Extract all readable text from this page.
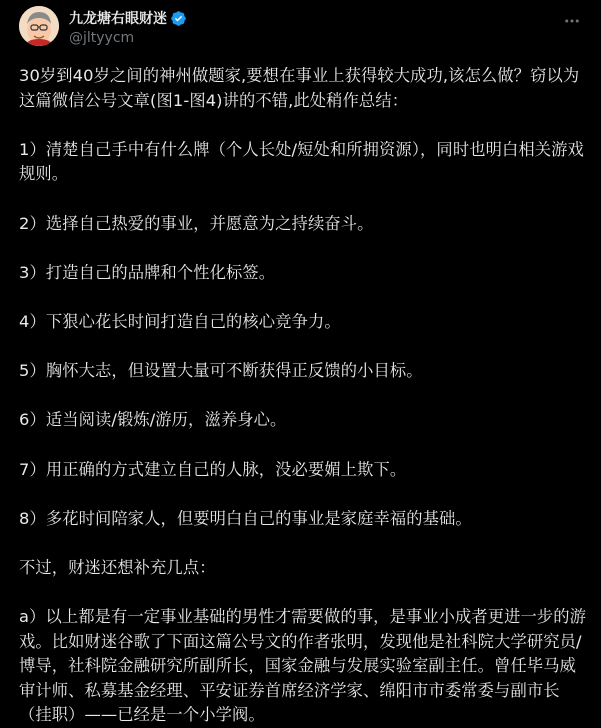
九龙塘右眼财迷
@jltyycm

30岁到40岁之间的神州做题家,要想在事业上获得较大成功,该怎么做？窃以为这篇微信公号文章(图1-图4)讲的不错,此处稍作总结：

1）清楚自己手中有什么牌（个人长处/短处和所拥资源），同时也明白相关游戏规则。

2）选择自己热爱的事业，并愿意为之持续奋斗。

3）打造自己的品牌和个性化标签。

4）下狠心花长时间打造自己的核心竞争力。

5）胸怀大志，但设置大量可不断获得正反馈的小目标。

6）适当阅读/锻炼/游历，滋养身心。

7）用正确的方式建立自己的人脉，没必要媚上欺下。

8）多花时间陪家人，但要明白自己的事业是家庭幸福的基础。

不过，财迷还想补充几点：

a）以上都是有一定事业基础的男性才需要做的事，是事业小成者更进一步的游戏。比如财迷谷歌了下面这篇公号文的作者张明，发现他是社科院大学研究员/博导，社科院金融研究所副所长，国家金融与发展实验室副主任。曾任毕马威审计师、私募基金经理、平安证券首席经济学家、绵阳市市委常委与副市长（挂职）——已经是一个小学阀。
